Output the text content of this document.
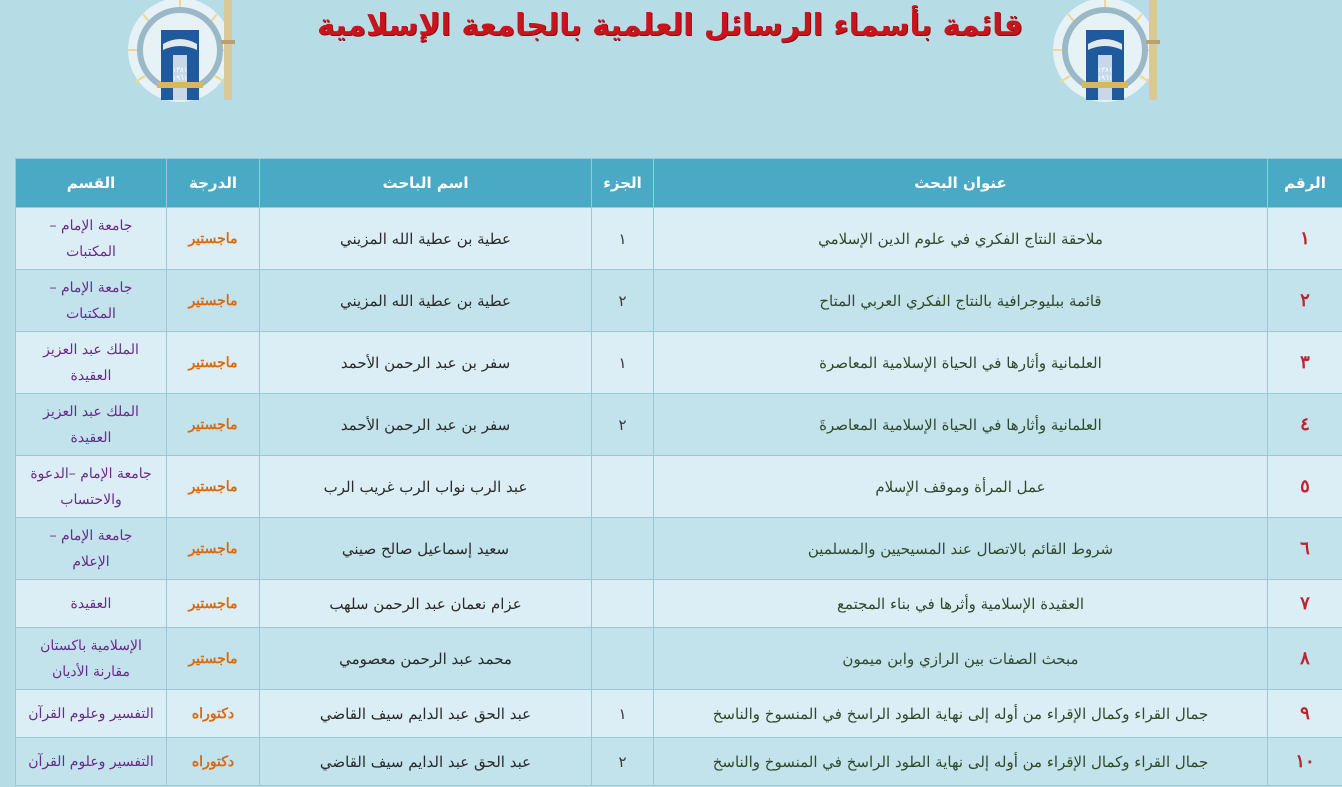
١٣٨١
١٩٦١
قائمة بأسماء الرسائل العلمية بالجامعة الإسلامية
١٣٨١
١٩٦١
الرقم	عنوان البحث	الجزء	اسم الباحث	الدرجة	القسم
١	ملاحقة النتاج الفكري في علوم الدين الإسلامي	١	عطية بن عطية الله المزيني	ماجستير	جامعة الإمام –
المكتبات

٢	قائمة ببليوجرافية بالنتاج الفكري العربي المتاح	٢	عطية بن عطية الله المزيني	ماجستير	جامعة الإمام –
المكتبات

٣	العلمانية وأثارها في الحياة الإسلامية المعاصرة	١	سفر بن عبد الرحمن الأحمد	ماجستير	الملك عبد العزيز
العقيدة

٤	العلمانية وأثارها في الحياة الإسلامية المعاصرةَ	٢	سفر بن عبد الرحمن الأحمد	ماجستير	الملك عبد العزيز
العقيدة

٥	عمل المرأة وموقف الإسلام		عبد الرب نواب الرب غريب الرب	ماجستير	جامعة الإمام –الدعوة
والاحتساب

٦	شروط القائم بالاتصال عند المسيحيين والمسلمين		سعيد إسماعيل صالح صيني	ماجستير	جامعة الإمام –
الإعلام

٧	العقيدة الإسلامية وأثرها في بناء المجتمع		عزام نعمان عبد الرحمن سلهب	ماجستير	العقيدة

٨	مبحث الصفات بين الرازي وابن ميمون		محمد عبد الرحمن معصومي	ماجستير	الإسلامية باكستان
مقارنة الأديان

٩	جمال القراء وكمال الإقراء من أوله إلى نهاية الطود الراسخ في المنسوخ والناسخ	١	عبد الحق عبد الدايم سيف القاضي	دكتوراه	التفسير وعلوم القرآن

١٠	جمال القراء وكمال الإقراء من أوله إلى نهاية الطود الراسخ في المنسوخ والناسخ	٢	عبد الحق عبد الدايم سيف القاضي	دكتوراه	التفسير وعلوم القرآن
